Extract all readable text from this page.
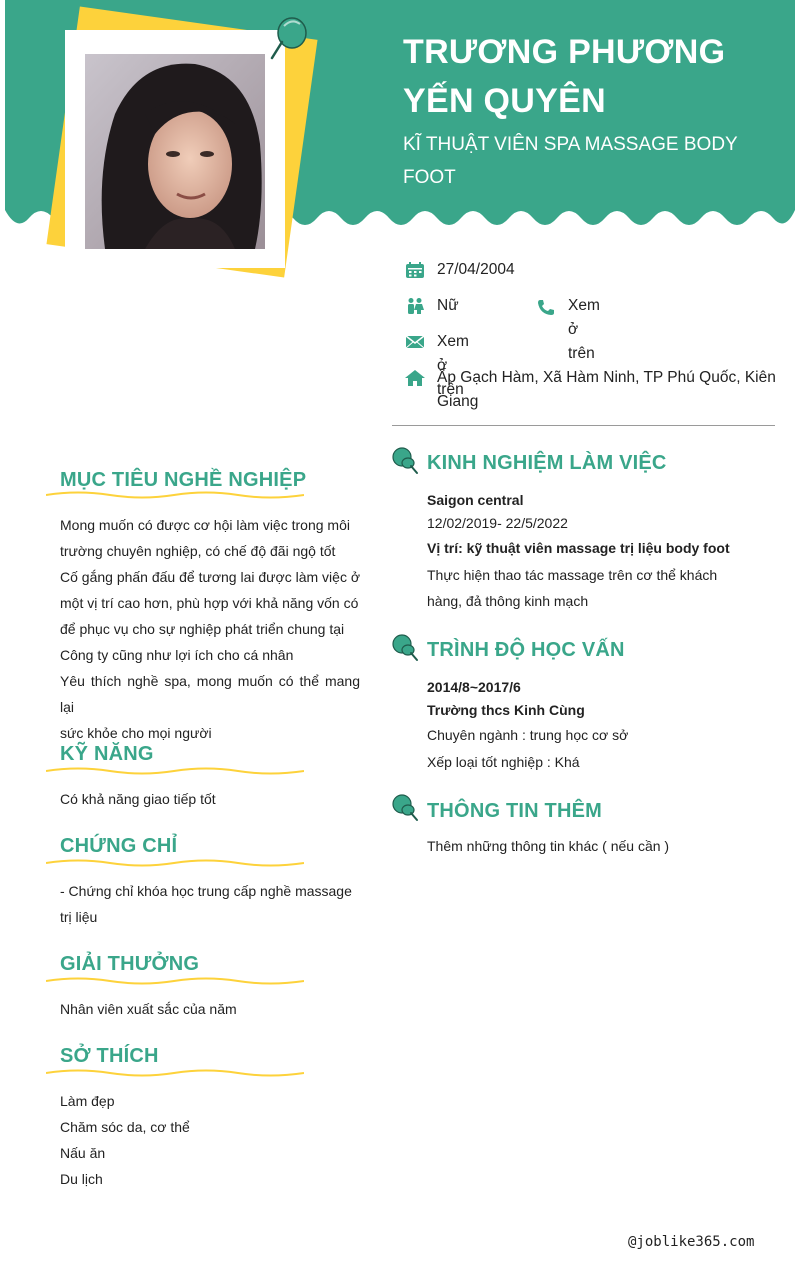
TRƯƠNG PHƯƠNG
YẾN QUYÊN
KĨ THUẬT VIÊN SPA MASSAGE BODY
FOOT
27/04/2004
Nữ	Xem ở trên
Xem ở trên
Ấp Gạch Hàm, Xã Hàm Ninh, TP Phú Quốc, Kiên
Giang
MỤC TIÊU NGHỀ NGHIỆP
Mong muốn có được cơ hội làm việc trong môi
trường chuyên nghiệp, có chế độ đãi ngộ tốt
Cố gắng phấn đấu để tương lai được làm việc ở
một vị trí cao hơn, phù hợp với khả năng vốn có
để phục vụ cho sự nghiệp phát triển chung tại
Công ty cũng như lợi ích cho cá nhân
Yêu thích nghề spa, mong muốn có thể mang lại
sức khỏe cho mọi người
KỸ NĂNG
Có khả năng giao tiếp tốt
CHỨNG CHỈ
- Chứng chỉ khóa học trung cấp nghề massage
trị liệu
GIẢI THƯỞNG
Nhân viên xuất sắc của năm
SỞ THÍCH
Làm đẹp
Chăm sóc da, cơ thể
Nấu ăn
Du lịch
KINH NGHIỆM LÀM VIỆC
Saigon central
12/02/2019- 22/5/2022
Vị trí: kỹ thuật viên massage trị liệu body foot
Thực hiện thao tác massage trên cơ thể khách
hàng, đả thông kinh mạch
TRÌNH ĐỘ HỌC VẤN
2014/8~2017/6
Trường thcs Kinh Cùng
Chuyên ngành : trung học cơ sở
Xếp loại tốt nghiệp : Khá
THÔNG TIN THÊM
Thêm những thông tin khác ( nếu cần )
@joblike365.com
